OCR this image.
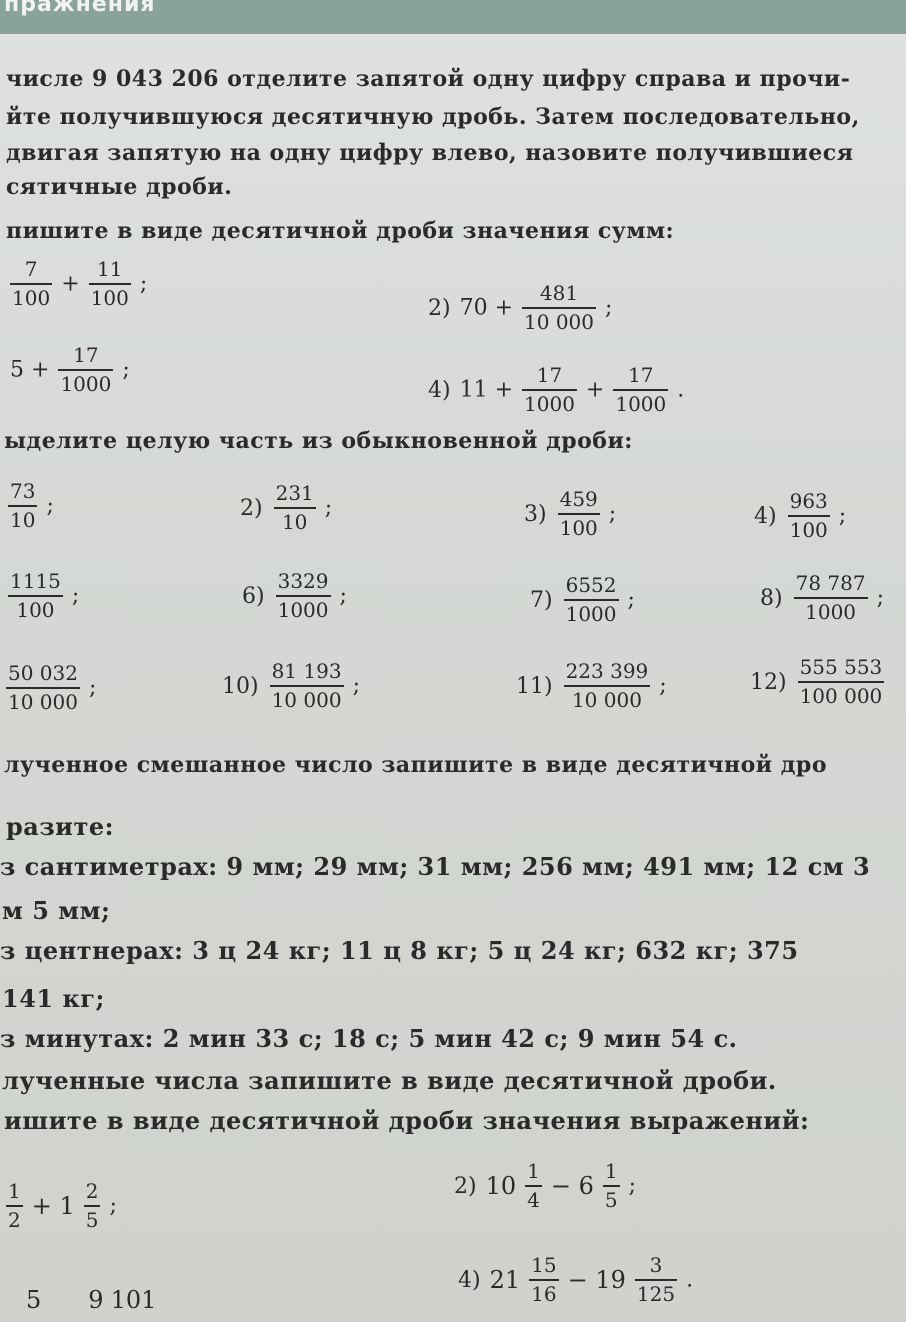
пражнения
числе 9 043 206 отделите запятой одну цифру справа и прочи-
йте получившуюся десятичную дробь. Затем последовательно,
двигая запятую на одну цифру влево, назовите получившиеся
сятичные дроби.
пишите в виде десятичной дроби значения сумм:
$\frac{7}{100} + \frac{11}{100}$ ;
2) $70 + \frac{481}{10 000}$ ;
$5 + \frac{17}{1000}$ ;
4) $11 + \frac{17}{1000} + \frac{17}{1000}$ .
ыделите целую часть из обыкновенной дроби:
$\frac{73}{10}$ ;	$2) \frac{231}{10}$ ;	$3) \frac{459}{100}$ ;	$4) \frac{963}{100}$ ;
$\frac{1115}{100}$ ;	$6) \frac{3329}{1000}$ ;	$7) \frac{6552}{1000}$ ;	$8) \frac{78 787}{1000}$ ;
$\frac{50 032}{10 000}$ ;	$10) \frac{81 193}{10 000}$ ;	$11) \frac{223 399}{10 000}$ ;	$12) \frac{555 553}{100 000}$
лученное смешанное число запишите в виде десятичной дро
разите:
з сантиметрах: 9 мм; 29 мм; 31 мм; 256 мм; 491 мм; 12 см 3
м 5 мм;
з центнерах: 3 ц 24 кг; 11 ц 8 кг; 5 ц 24 кг; 632 кг; 375
141 кг;
з минутах: 2 мин 33 с; 18 с; 5 мин 42 с; 9 мин 54 с.
лученные числа запишите в виде десятичной дроби.
ишите в виде десятичной дроби значения выражений:
$\frac{1}{2} + 1 \frac{2}{5}$ ;
2) $10 \frac{1}{4} - 6 \frac{1}{5}$ ;
5 9 101
4) $21 \frac{15}{16} - 19 \frac{3}{125}$ .
